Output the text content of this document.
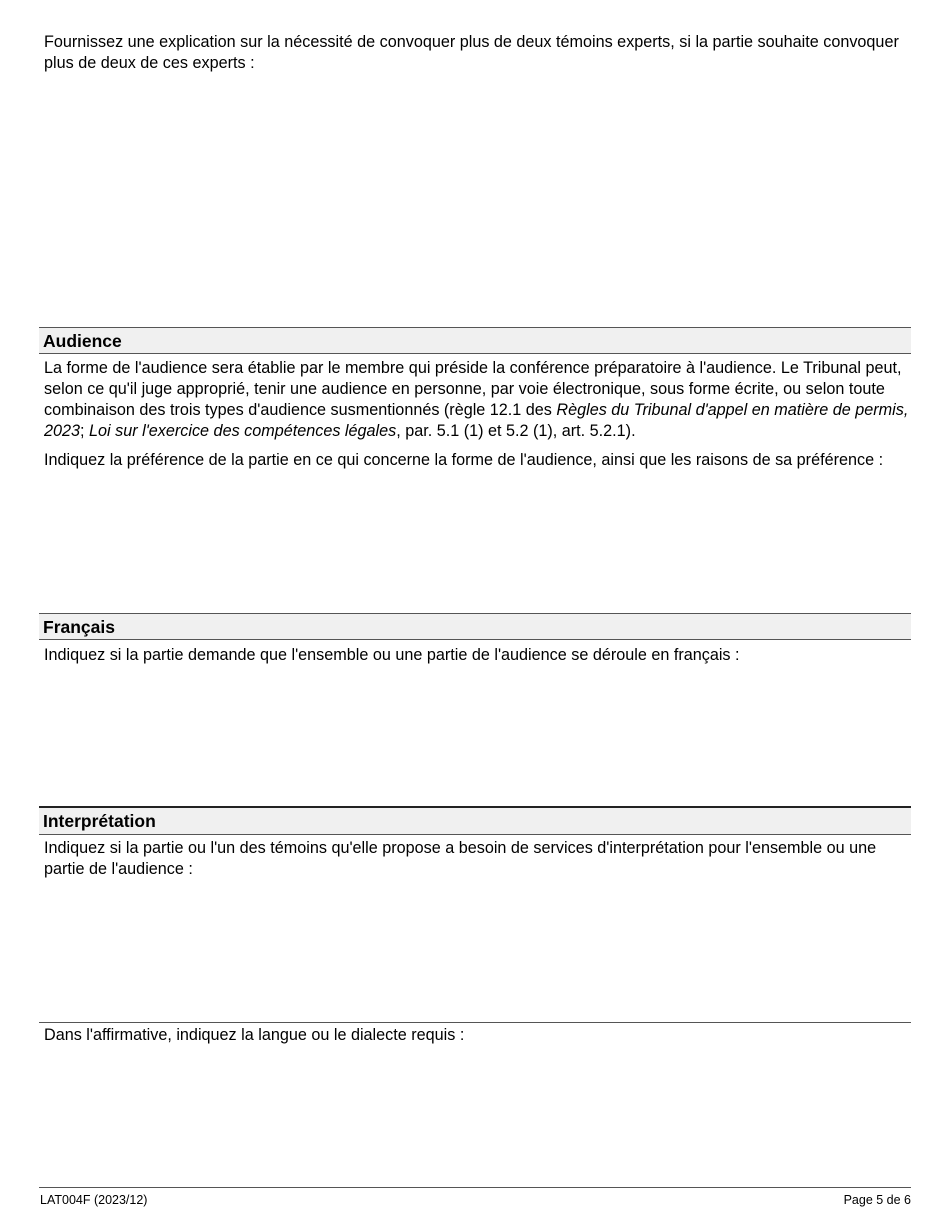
Fournissez une explication sur la nécessité de convoquer plus de deux témoins experts, si la partie souhaite convoquer plus de deux de ces experts :

Audience

La forme de l'audience sera établie par le membre qui préside la conférence préparatoire à l'audience. Le Tribunal peut, selon ce qu'il juge approprié, tenir une audience en personne, par voie électronique, sous forme écrite, ou selon toute combinaison des trois types d'audience susmentionnés (règle 12.1 des Règles du Tribunal d'appel en matière de permis, 2023; Loi sur l'exercice des compétences légales, par. 5.1 (1) et 5.2 (1), art. 5.2.1).

Indiquez la préférence de la partie en ce qui concerne la forme de l'audience, ainsi que les raisons de sa préférence :

Français

Indiquez si la partie demande que l'ensemble ou une partie de l'audience se déroule en français :

Interprétation

Indiquez si la partie ou l'un des témoins qu'elle propose a besoin de services d'interprétation pour l'ensemble ou une partie de l'audience :

Dans l'affirmative, indiquez la langue ou le dialecte requis :

LAT004F (2023/12)	Page 5 de 6
